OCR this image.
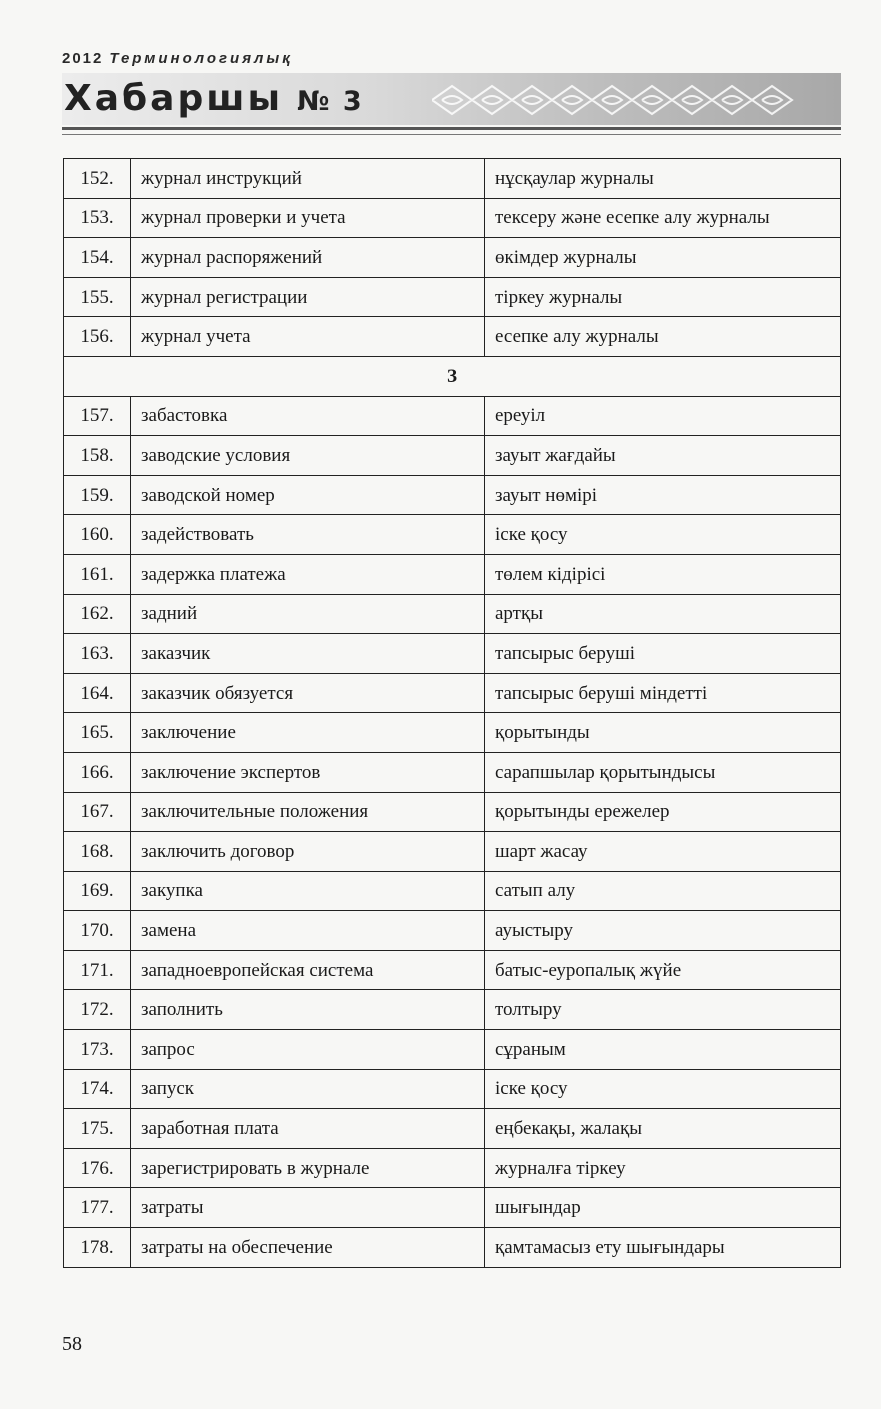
2012 Терминологиялық
Хабаршы № 3
152.	журнал инструкций	нұсқаулар журналы
153.	журнал проверки и учета	тексеру және есепке алу журналы
154.	журнал распоряжений	өкімдер журналы
155.	журнал регистрации	тіркеу журналы
156.	журнал учета	есепке алу журналы
З		
157.	забастовка	ереуіл
158.	заводские условия	зауыт жағдайы
159.	заводской номер	зауыт нөмірі
160.	задействовать	іске қосу
161.	задержка платежа	төлем кідірісі
162.	задний	артқы
163.	заказчик	тапсырыс беруші
164.	заказчик обязуется	тапсырыс беруші міндетті
165.	заключение	қорытынды
166.	заключение экспертов	сарапшылар қорытындысы
167.	заключительные положения	қорытынды ережелер
168.	заключить договор	шарт жасау
169.	закупка	сатып алу
170.	замена	ауыстыру
171.	западноевропейская система	батыс-еуропалық жүйе
172.	заполнить	толтыру
173.	запрос	сұраным
174.	запуск	іске қосу
175.	заработная плата	еңбекақы, жалақы
176.	зарегистрировать в журнале	журналға тіркеу
177.	затраты	шығындар
178.	затраты на обеспечение	қамтамасыз ету шығындары
58
